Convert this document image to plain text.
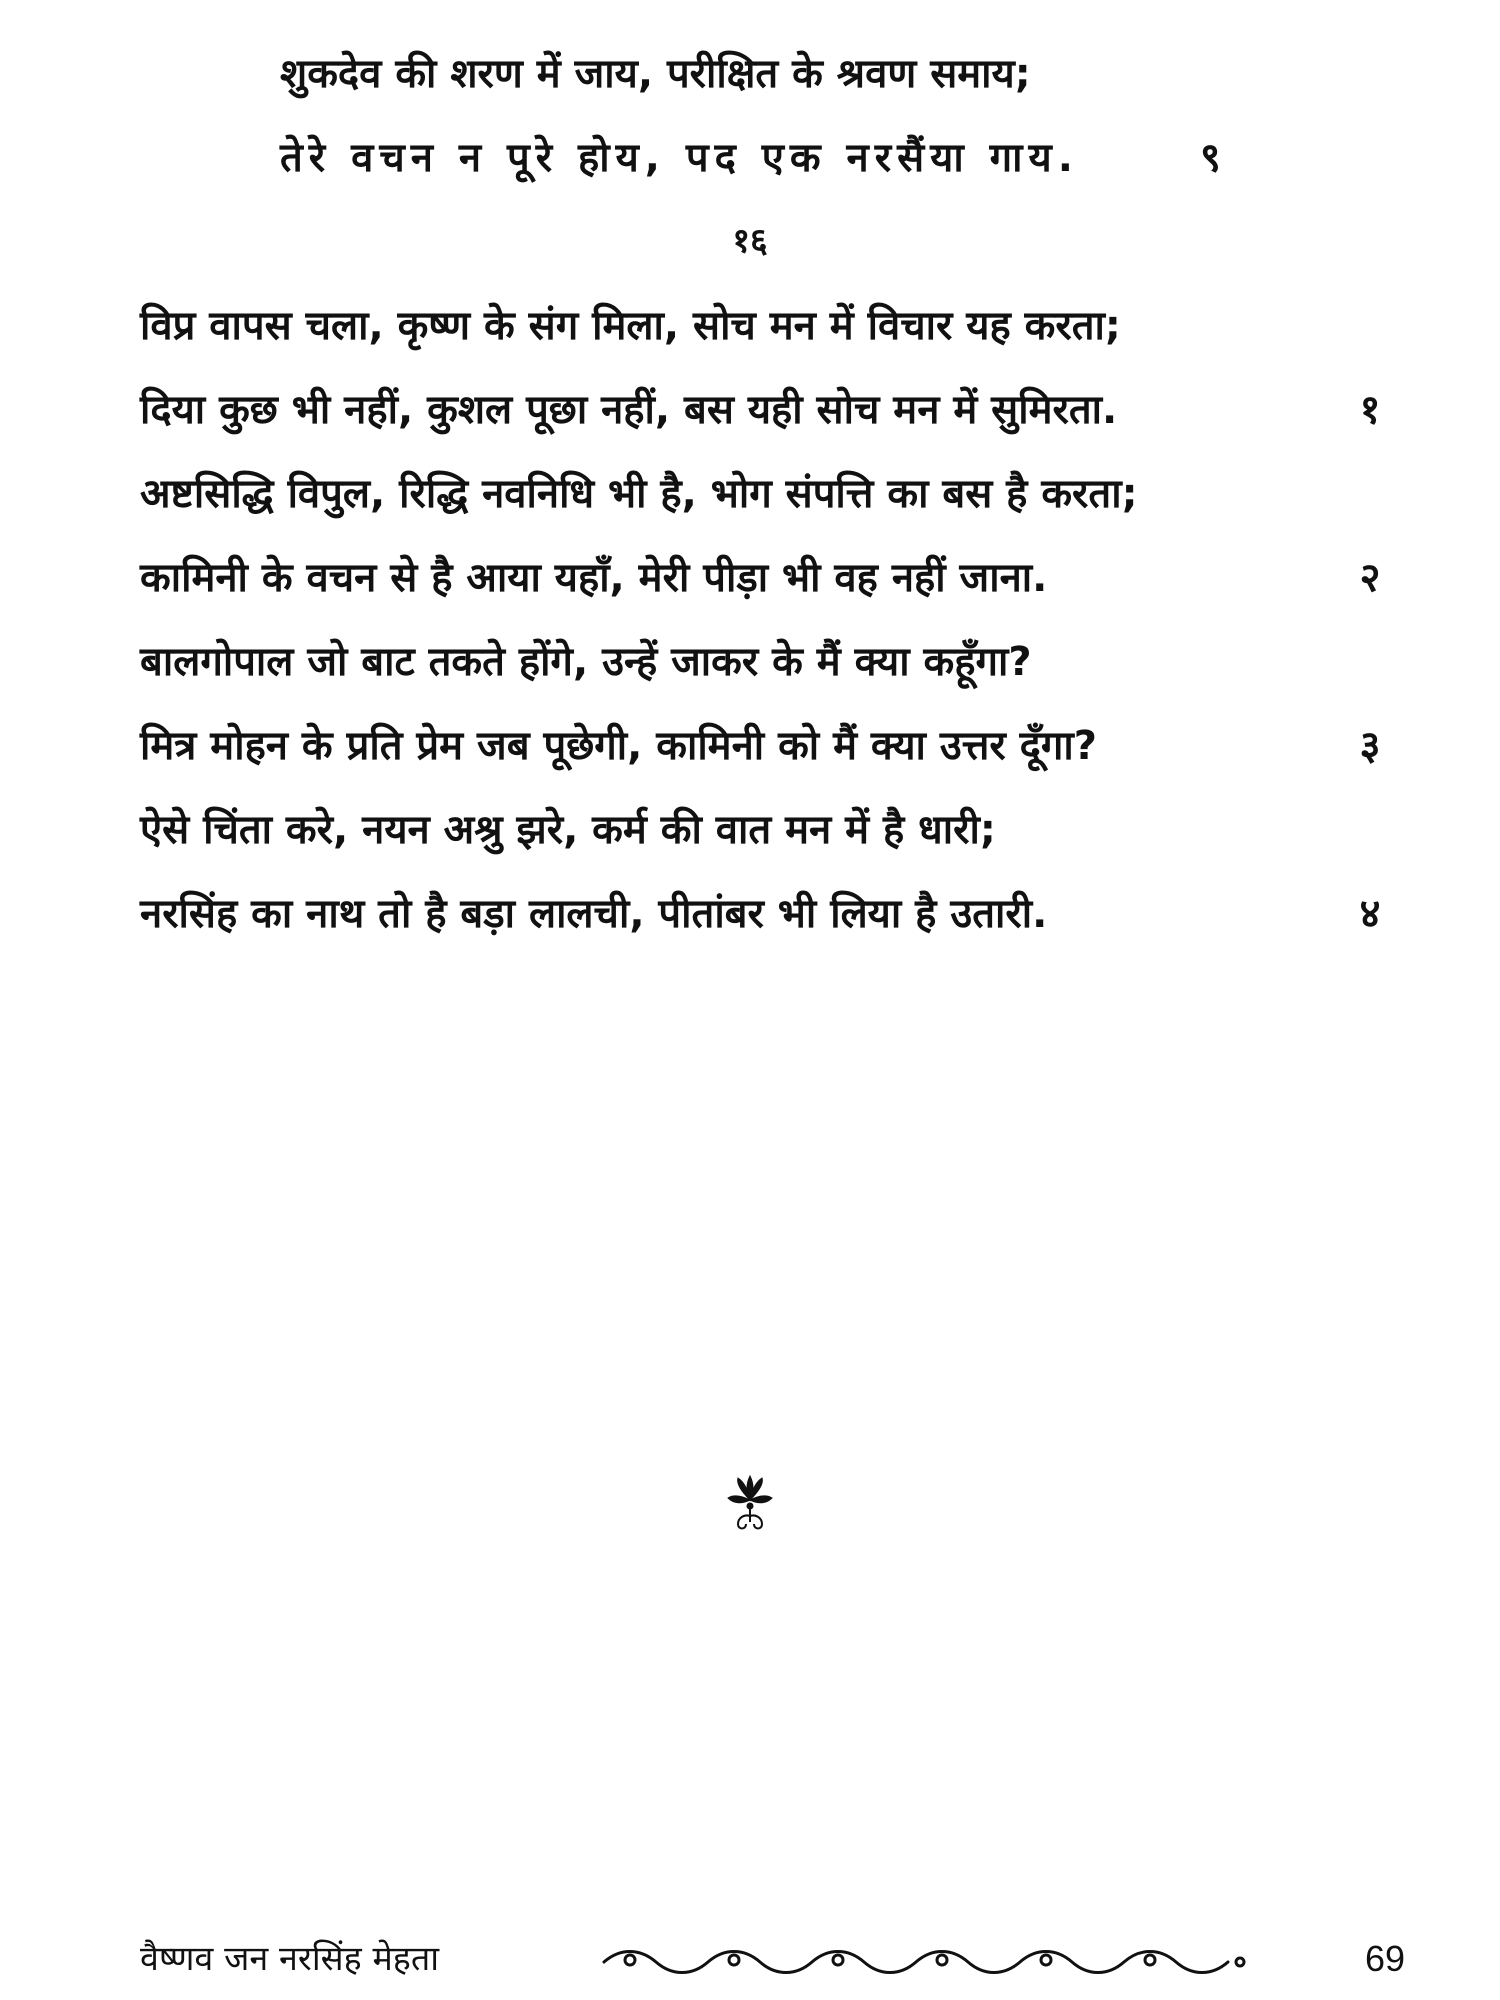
शुकदेव की शरण में जाय, परीक्षित के श्रवण समाय;
तेरे वचन न पूरे होय, पद एक नरसैंया गाय.	९
१६
विप्र वापस चला, कृष्ण के संग मिला, सोच मन में विचार यह करता;
दिया कुछ भी नहीं, कुशल पूछा नहीं, बस यही सोच मन में सुमिरता.	१
अष्टसिद्धि विपुल, रिद्धि नवनिधि भी है, भोग संपत्ति का बस है करता;
कामिनी के वचन से है आया यहाँ, मेरी पीड़ा भी वह नहीं जाना.	२
बालगोपाल जो बाट तकते होंगे, उन्हें जाकर के मैं क्या कहूँगा?
मित्र मोहन के प्रति प्रेम जब पूछेगी, कामिनी को मैं क्या उत्तर दूँगा?	३
ऐसे चिंता करे, नयन अश्रु झरे, कर्म की वात मन में है धारी;
नरसिंह का नाथ तो है बड़ा लालची, पीतांबर भी लिया है उतारी.	४
वैष्णव जन नरसिंह मेहता	69
